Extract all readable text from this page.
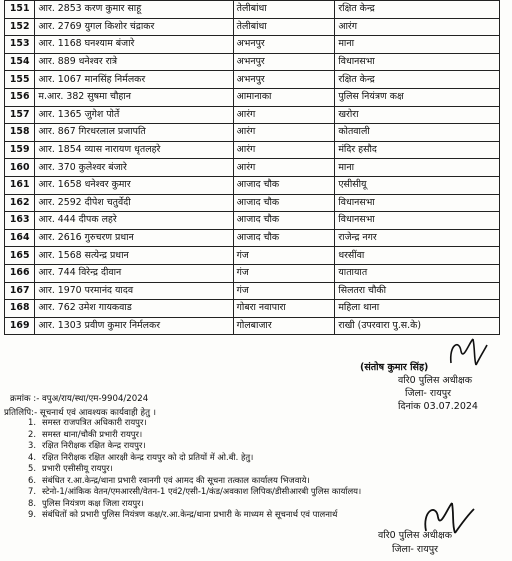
151	आर. 2853 करण कुमार साहू	तेलीबांधा	रक्षित केन्द्र
152	आर. 2769 युगल किशोर चंद्राकर	तेलीबांधा	आरंग
153	आर. 1168 घनश्याम बंजारे	अभनपुर	माना
154	आर. 889 धनेश्वर रात्रे	अभनपुर	विधानसभा
155	आर. 1067 मानसिंह निर्मलकर	अभनपुर	रक्षित केन्द्र
156	म.आर. 382 सुषमा चौहान	आमानाका	पुलिस नियंत्रण कक्ष
157	आर. 1365 जुगेश पोर्ते	आरंग	खरोरा
158	आर. 867 गिरधरलाल प्रजापति	आरंग	कोतवाली
159	आर. 1854 व्यास नारायण धृतलहरे	आरंग	मंदिर हसौद
160	आर. 370 कुलेश्वर बंजारे	आरंग	माना
161	आर. 1658 धनेश्वर कुमार	आजाद चौक	एसीसीयू
162	आर. 2592 दीपेश चतुर्वेदी	आजाद चौक	विधानसभा
163	आर. 444 दीपक लहरे	आजाद चौक	विधानसभा
164	आर. 2616 गुरुचरण प्रधान	आजाद चौक	राजेन्द्र नगर
165	आर. 1568 सत्येन्द्र प्रधान	गंज	धरसींवा
166	आर. 744 विरेन्द्र दीवान	गंज	यातायात
167	आर. 1970 परमानंद यादव	गंज	सिलतरा चौकी
168	आर. 762 उमेश गायकवाड	गोबरा नवापारा	महिला थाना
169	आर. 1303 प्रवीण कुमार निर्मलकर	गोलबाजार	राखी (उपरवारा पु.स.के)
(संतोष कुमार सिंह)
वरि0 पुलिस अधीक्षक
जिला- रायपुर
दिनांक 03.07.2024
क्रमांक :- वपुअ/राय/स्था/एम-9904/2024
प्रतिलिपि:- सूचनार्थ एवं आवश्यक कार्यवाही हेतु ।
1. समस्त राजपत्रित अधिकारी रायपुर।
2. समस्त थाना/चौकी प्रभारी रायपुर।
3. रक्षित निरीक्षक रक्षित केन्द्र रायपुर।
4. रक्षित निरीक्षक रक्षित आरक्षी केन्द्र रायपुर को दो प्रतियों में ओ.बी. हेतु।
5. प्रभारी एसीसीयू रायपुर।
6. संबंधित र.आ.केन्द्र/थाना प्रभारी रवानगी एवं आमद की सूचना तत्काल कार्यालय भिजवाये।
7. स्टेनो-1/आंकिक वेतन/एमआरसी/वेतन-1 एवं2/एसी-1/कंड/अवकाश लिपिक/डीसीआरबी पुलिस कार्यालय।
8. पुलिस नियंत्रण कक्ष जिला रायपुर।
9. संबंधितों को प्रभारी पुलिस नियंत्रण कक्ष/र.आ.केन्द्र/थाना प्रभारी के माध्यम से सूचनार्थ एवं पालनार्थ
वरि0 पुलिस अधीक्षक
जिला- रायपुर
